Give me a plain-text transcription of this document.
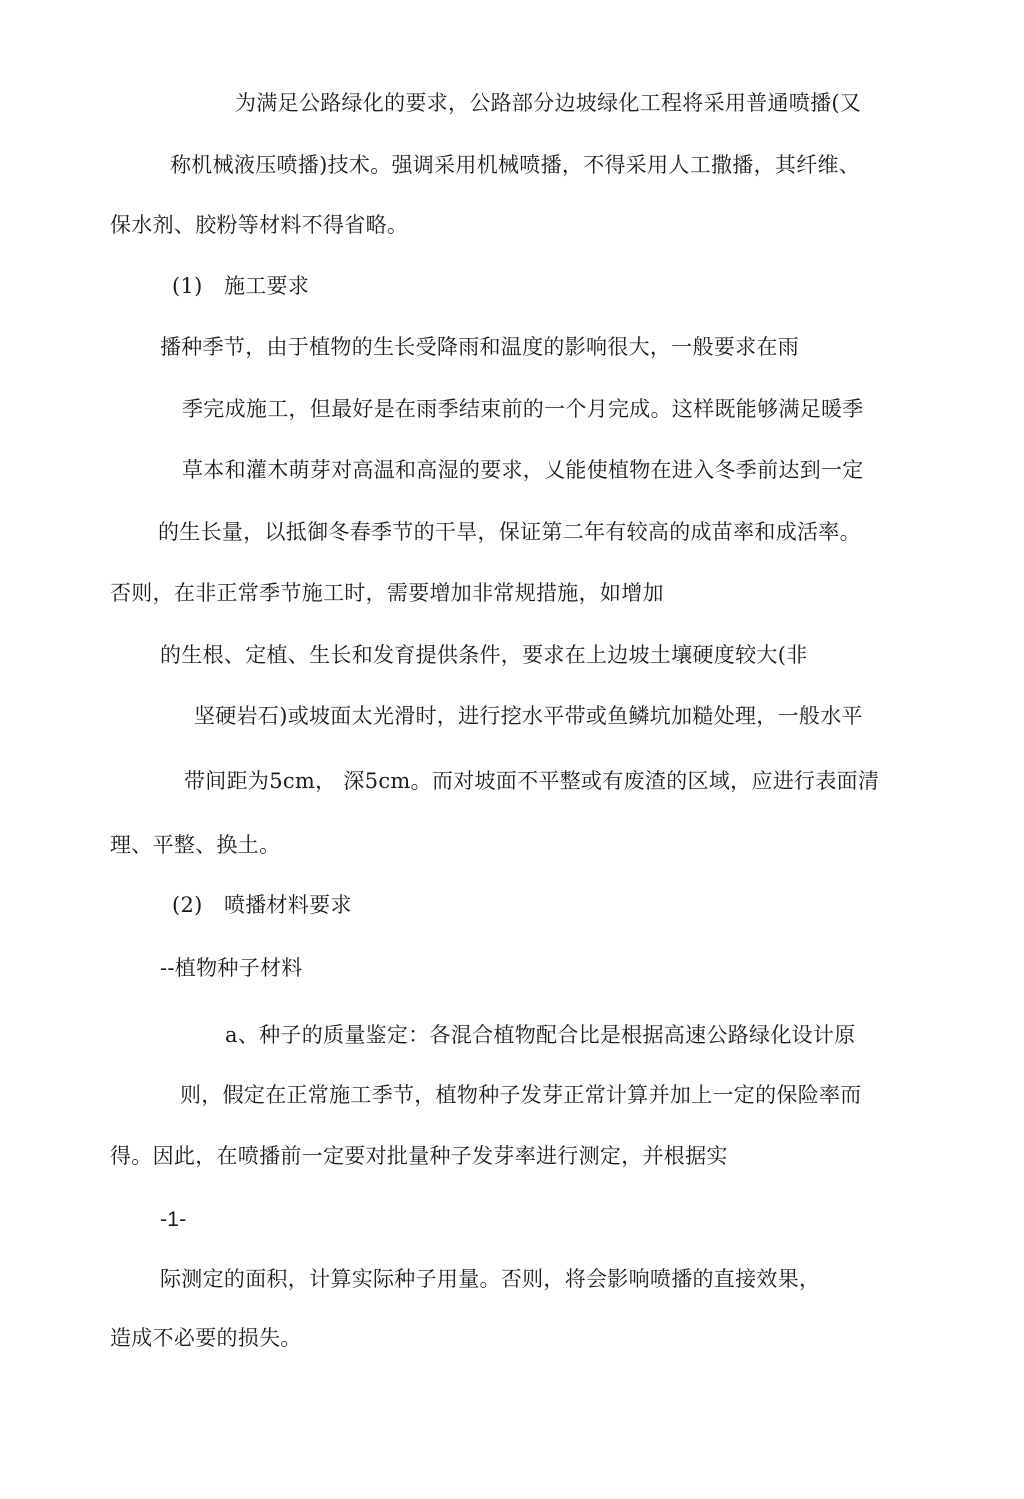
为满足公路绿化的要求，公路部分边坡绿化工程将采用普通喷播(又
称机械液压喷播)技术。强调采用机械喷播，不得采用人工撒播，其纤维、
保水剂、胶粉等材料不得省略。
(1)　施工要求
播种季节，由于植物的生长受降雨和温度的影响很大，一般要求在雨
季完成施工，但最好是在雨季结束前的一个月完成。这样既能够满足暖季
草本和灌木萌芽对高温和高湿的要求，乂能使植物在进入冬季前达到一定
的生长量，以抵御冬春季节的干旱，保证第二年有较高的成苗率和成活率。
否则，在非正常季节施工时，需要增加非常规措施，如增加
的生根、定植、生长和发育提供条件，要求在上边坡土壤硬度较大(非
坚硬岩石)或坡面太光滑时，进行挖水平带或鱼鳞坑加糙处理，一般水平
带间距为5cm， 深5cm。而对坡面不平整或有废渣的区域，应进行表面清
理、平整、换土。
(2)　喷播材料要求
--植物种子材料
a、种子的质量鉴定：各混合植物配合比是根据高速公路绿化设计原
则，假定在正常施工季节，植物种子发芽正常计算并加上一定的保险率而
得。因此，在喷播前一定要对批量种子发芽率进行测定，并根据实
-1-
际测定的面积，计算实际种子用量。否则，将会影响喷播的直接效果，
造成不必要的损失。
